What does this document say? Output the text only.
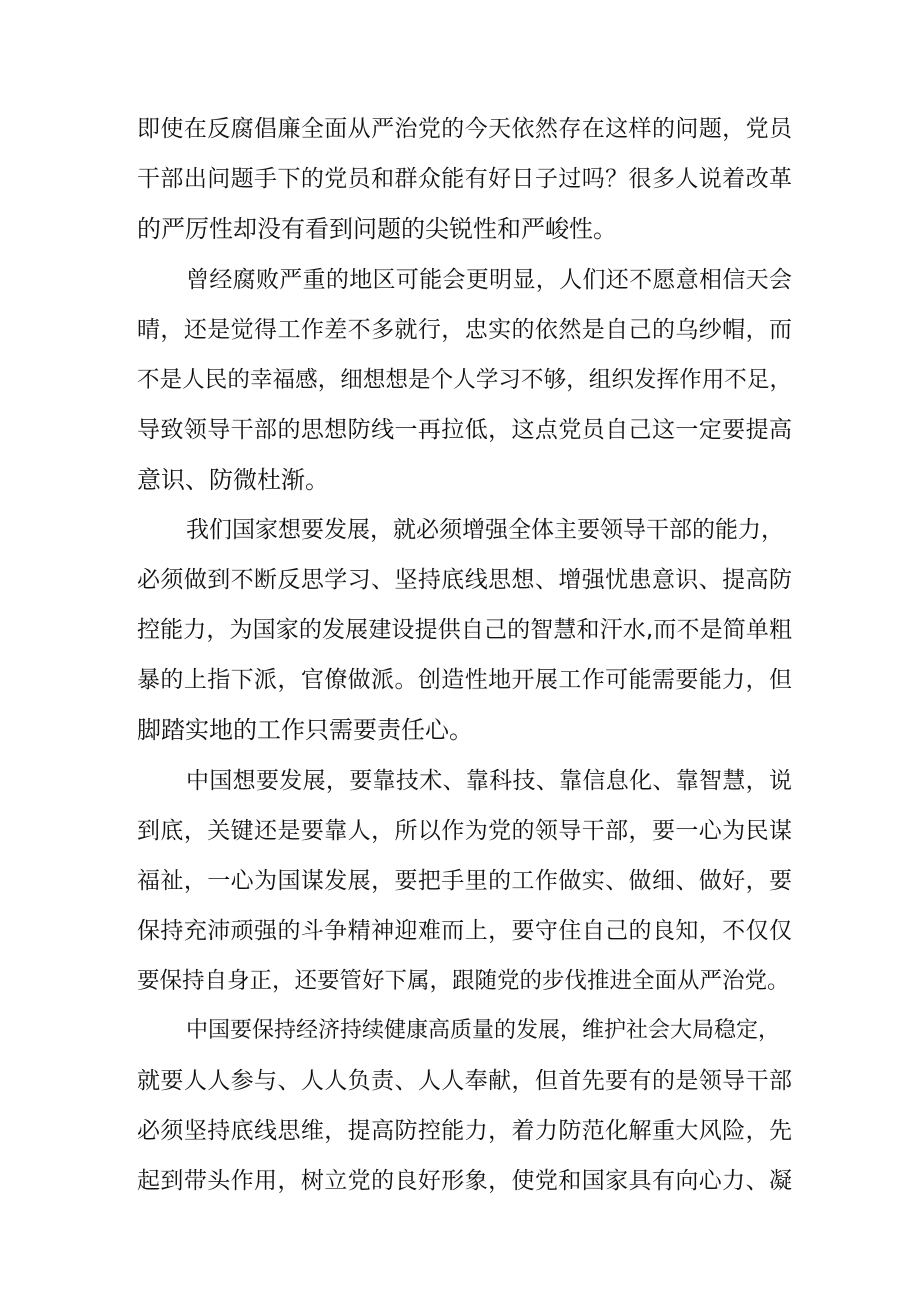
即使在反腐倡廉全面从严治党的今天依然存在这样的问题，党员
干部出问题手下的党员和群众能有好日子过吗？很多人说着改革
的严厉性却没有看到问题的尖锐性和严峻性。
曾经腐败严重的地区可能会更明显，人们还不愿意相信天会
晴，还是觉得工作差不多就行，忠实的依然是自己的乌纱帽，而
不是人民的幸福感，细想想是个人学习不够，组织发挥作用不足，
导致领导干部的思想防线一再拉低，这点党员自己这一定要提高
意识、防微杜渐。
我们国家想要发展，就必须增强全体主要领导干部的能力，
必须做到不断反思学习、坚持底线思想、增强忧患意识、提高防
控能力，为国家的发展建设提供自己的智慧和汗水,而不是简单粗
暴的上指下派，官僚做派。创造性地开展工作可能需要能力，但
脚踏实地的工作只需要责任心。
中国想要发展，要靠技术、靠科技、靠信息化、靠智慧，说
到底，关键还是要靠人，所以作为党的领导干部，要一心为民谋
福祉，一心为国谋发展，要把手里的工作做实、做细、做好，要
保持充沛顽强的斗争精神迎难而上，要守住自己的良知，不仅仅
要保持自身正，还要管好下属，跟随党的步伐推进全面从严治党。
中国要保持经济持续健康高质量的发展，维护社会大局稳定，
就要人人参与、人人负责、人人奉献，但首先要有的是领导干部
必须坚持底线思维，提高防控能力，着力防范化解重大风险，先
起到带头作用，树立党的良好形象，使党和国家具有向心力、凝
